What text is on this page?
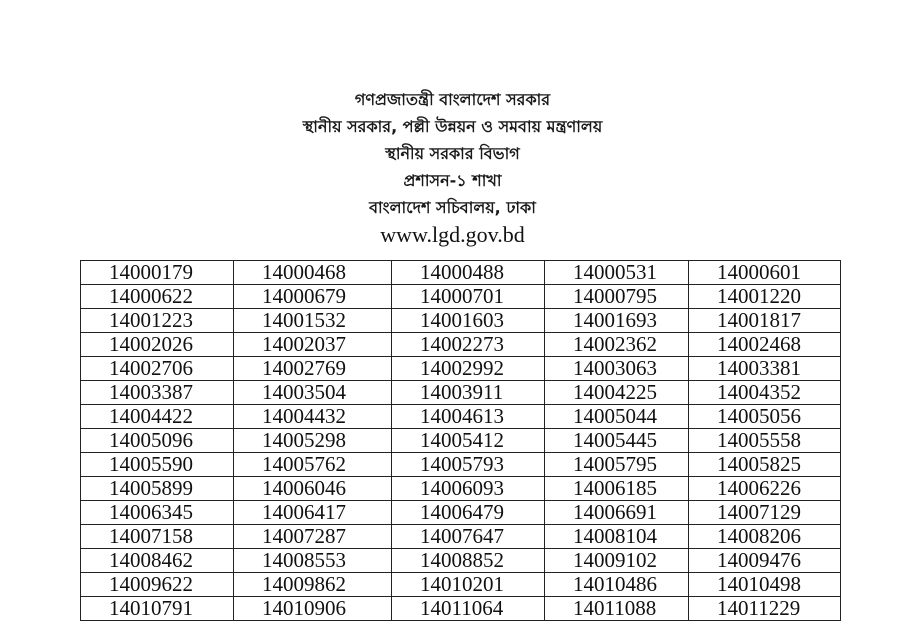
গণপ্রজাতন্ত্রী বাংলাদেশ সরকার
স্থানীয় সরকার, পল্লী উন্নয়ন ও সমবায় মন্ত্রণালয়
স্থানীয় সরকার বিভাগ
প্রশাসন-১ শাখা
বাংলাদেশ সচিবালয়, ঢাকা
www.lgd.gov.bd
14000179	14000468	14000488	14000531	14000601
14000622	14000679	14000701	14000795	14001220
14001223	14001532	14001603	14001693	14001817
14002026	14002037	14002273	14002362	14002468
14002706	14002769	14002992	14003063	14003381
14003387	14003504	14003911	14004225	14004352
14004422	14004432	14004613	14005044	14005056
14005096	14005298	14005412	14005445	14005558
14005590	14005762	14005793	14005795	14005825
14005899	14006046	14006093	14006185	14006226
14006345	14006417	14006479	14006691	14007129
14007158	14007287	14007647	14008104	14008206
14008462	14008553	14008852	14009102	14009476
14009622	14009862	14010201	14010486	14010498
14010791	14010906	14011064	14011088	14011229
